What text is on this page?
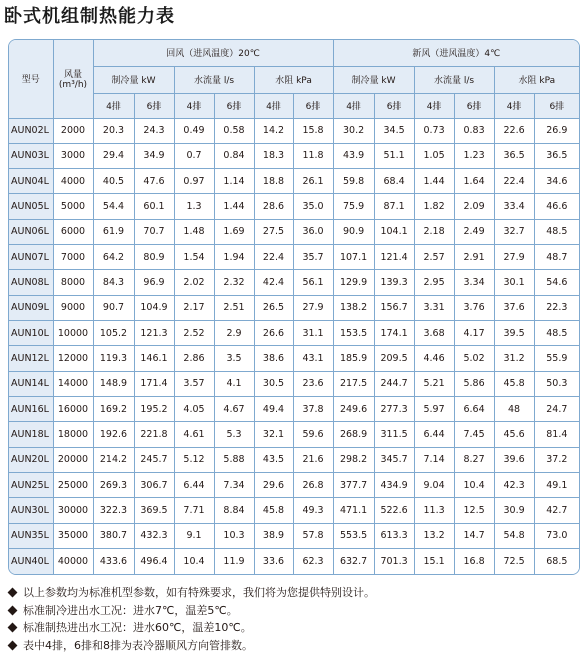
卧式机组制热能力表
型号	风量
(m³/h)	回风（进风温度）20℃						新风（进风温度）4℃					
		制冷量 kW		水流量 l/s		水阻 kPa		制冷量 kW		水流量 l/s		水阻 kPa	
		4排	6排	4排	6排	4排	6排	4排	6排	4排	6排	4排	6排
AUN02L	2000	20.3	24.3	0.49	0.58	14.2	15.8	30.2	34.5	0.73	0.83	22.6	26.9
AUN03L	3000	29.4	34.9	0.7	0.84	18.3	11.8	43.9	51.1	1.05	1.23	36.5	36.5
AUN04L	4000	40.5	47.6	0.97	1.14	18.8	26.1	59.8	68.4	1.44	1.64	22.4	34.6
AUN05L	5000	54.4	60.1	1.3	1.44	28.6	35.0	75.9	87.1	1.82	2.09	33.4	46.6
AUN06L	6000	61.9	70.7	1.48	1.69	27.5	36.0	90.9	104.1	2.18	2.49	32.7	48.5
AUN07L	7000	64.2	80.9	1.54	1.94	22.4	35.7	107.1	121.4	2.57	2.91	27.9	48.7
AUN08L	8000	84.3	96.9	2.02	2.32	42.4	56.1	129.9	139.3	2.95	3.34	30.1	54.6
AUN09L	9000	90.7	104.9	2.17	2.51	26.5	27.9	138.2	156.7	3.31	3.76	37.6	22.3
AUN10L	10000	105.2	121.3	2.52	2.9	26.6	31.1	153.5	174.1	3.68	4.17	39.5	48.5
AUN12L	12000	119.3	146.1	2.86	3.5	38.6	43.1	185.9	209.5	4.46	5.02	31.2	55.9
AUN14L	14000	148.9	171.4	3.57	4.1	30.5	23.6	217.5	244.7	5.21	5.86	45.8	50.3
AUN16L	16000	169.2	195.2	4.05	4.67	49.4	37.8	249.6	277.3	5.97	6.64	48	24.7
AUN18L	18000	192.6	221.8	4.61	5.3	32.1	59.6	268.9	311.5	6.44	7.45	45.6	81.4
AUN20L	20000	214.2	245.7	5.12	5.88	43.5	21.6	298.2	345.7	7.14	8.27	39.6	37.2
AUN25L	25000	269.3	306.7	6.44	7.34	29.6	26.8	377.7	434.9	9.04	10.4	42.3	49.1
AUN30L	30000	322.3	369.5	7.71	8.84	45.8	49.3	471.1	522.6	11.3	12.5	30.9	42.7
AUN35L	35000	380.7	432.3	9.1	10.3	38.9	57.8	553.5	613.3	13.2	14.7	54.8	73.0
AUN40L	40000	433.6	496.4	10.4	11.9	33.6	62.3	632.7	701.3	15.1	16.8	72.5	68.5
以上参数均为标准机型参数，如有特殊要求，我们将为您提供特别设计。
标准制冷进出水工况：进水7℃，温差5℃。
标准制热进出水工况：进水60℃，温差10℃。
表中4排，6排和8排为表冷器顺风方向管排数。
